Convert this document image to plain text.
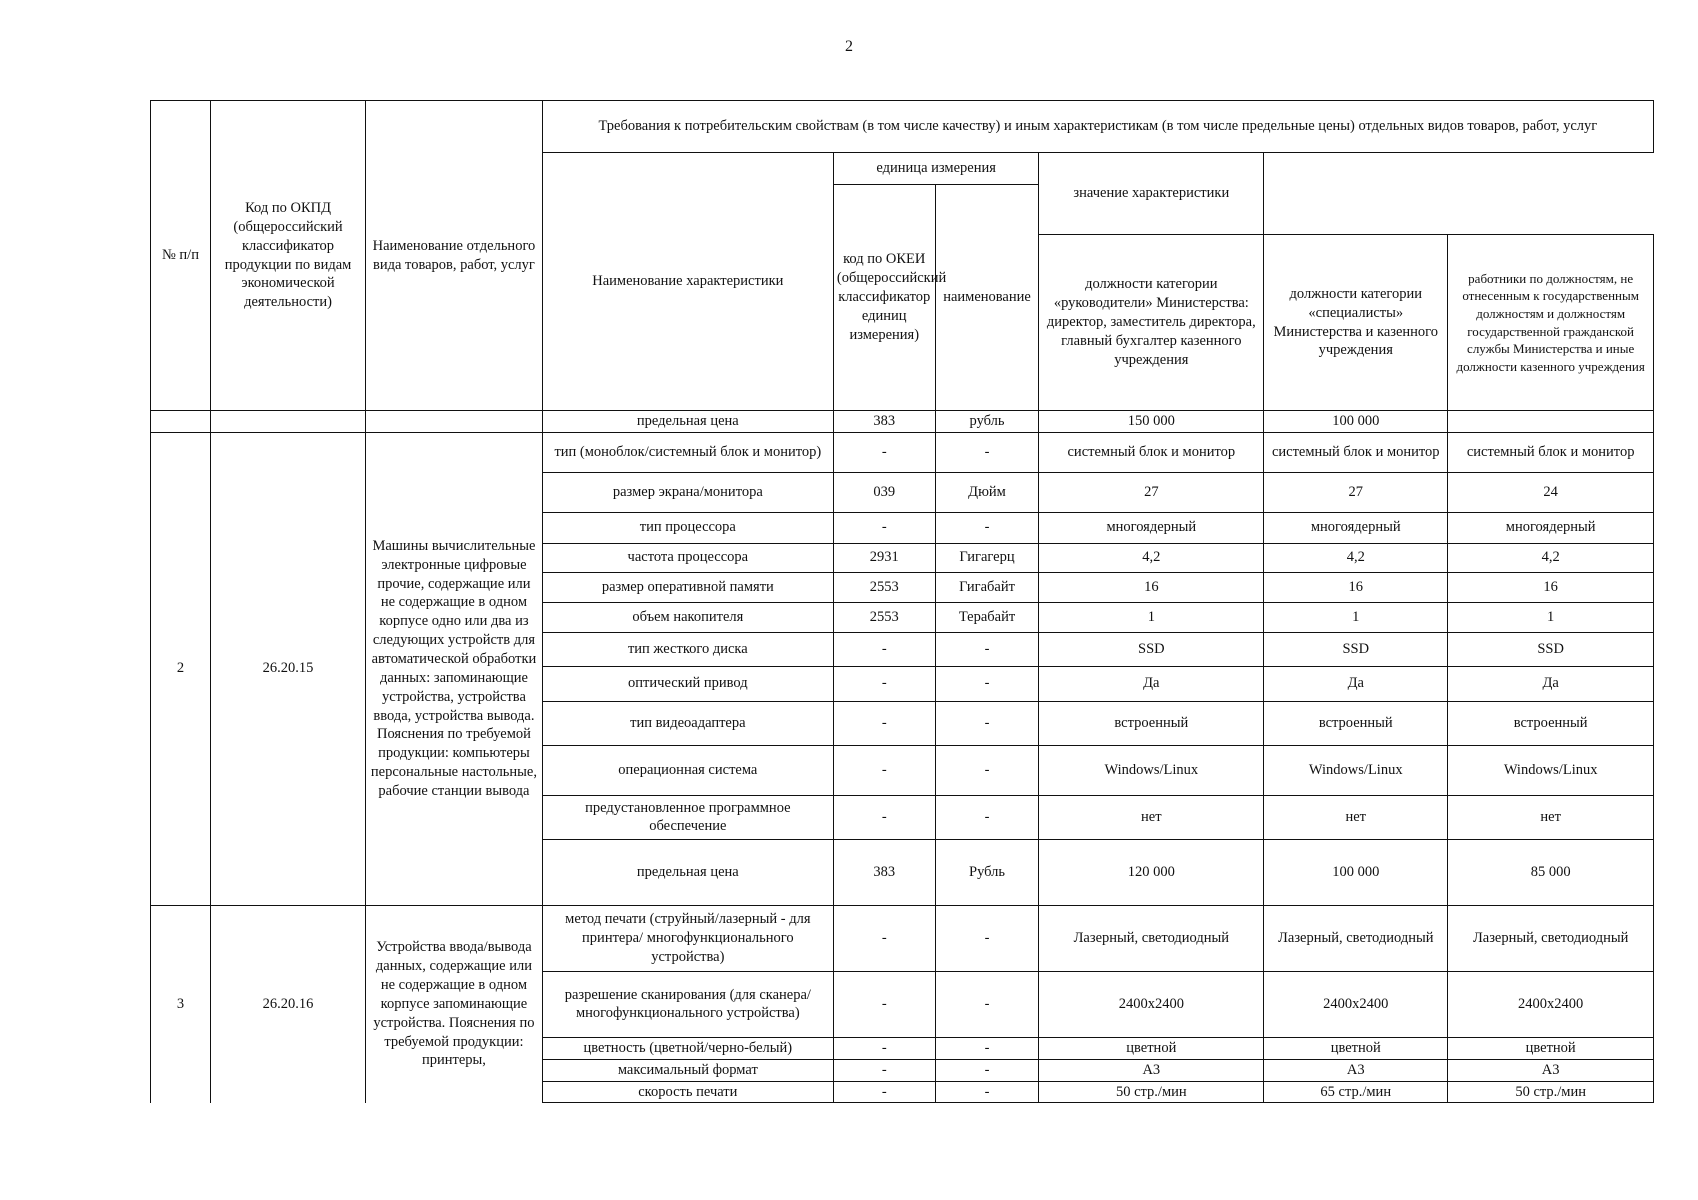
2
№ п/п	Код по ОКПД (общероссийский классификатор продукции по видам экономической деятельности)	Наименование отдельного вида товаров, работ, услуг	Требования к потребительским свойствам (в том числе качеству) и иным характеристикам (в том числе предельные цены) отдельных видов товаров, работ, услуг					
			Наименование характеристики	единица измерения		значение характеристики		
				код по ОКЕИ (общероссийский классификатор единиц измерения)	наименование			
						должности категории «руководители» Министерства: директор, заместитель директора, главный бухгалтер казенного учреждения	должности категории «специалисты» Министерства и казенного учреждения	работники по должностям, не отнесенным к государственным должностям и должностям государственной гражданской службы Министерства и иные должности казенного учреждения
			предельная цена	383	рубль	150 000	100 000	
2	26.20.15	Машины вычислительные электронные цифровые прочие, содержащие или не содержащие в одном корпусе одно или два из следующих устройств для автоматической обработки данных: запоминающие устройства, устройства ввода, устройства вывода. Пояснения по требуемой продукции: компьютеры персональные настольные, рабочие станции вывода	тип (моноблок/системный блок и монитор)	-	-	системный блок и монитор	системный блок и монитор	системный блок и монитор
			размер экрана/монитора	039	Дюйм	27	27	24
			тип процессора	-	-	многоядерный	многоядерный	многоядерный
			частота процессора	2931	Гигагерц	4,2	4,2	4,2
			размер оперативной памяти	2553	Гигабайт	16	16	16
			объем накопителя	2553	Терабайт	1	1	1
			тип жесткого диска	-	-	SSD	SSD	SSD
			оптический привод	-	-	Да	Да	Да
			тип видеоадаптера	-	-	встроенный	встроенный	встроенный
			операционная система	-	-	Windows/Linux	Windows/Linux	Windows/Linux
			предустановленное программное обеспечение	-	-	нет	нет	нет
			предельная цена	383	Рубль	120 000	100 000	85 000
3	26.20.16	Устройства ввода/вывода данных, содержащие или не содержащие в одном корпусе запоминающие устройства. Пояснения по требуемой продукции: принтеры,	метод печати (струйный/лазерный - для принтера/ многофункционального устройства)	-	-	Лазерный, светодиодный	Лазерный, светодиодный	Лазерный, светодиодный
			разрешение сканирования (для сканера/многофункционального устройства)	-	-	2400х2400	2400х2400	2400х2400
			цветность (цветной/черно-белый)	-	-	цветной	цветной	цветной
			максимальный формат	-	-	А3	А3	А3
			скорость печати	-	-	50 стр./мин	65 стр./мин	50 стр./мин
